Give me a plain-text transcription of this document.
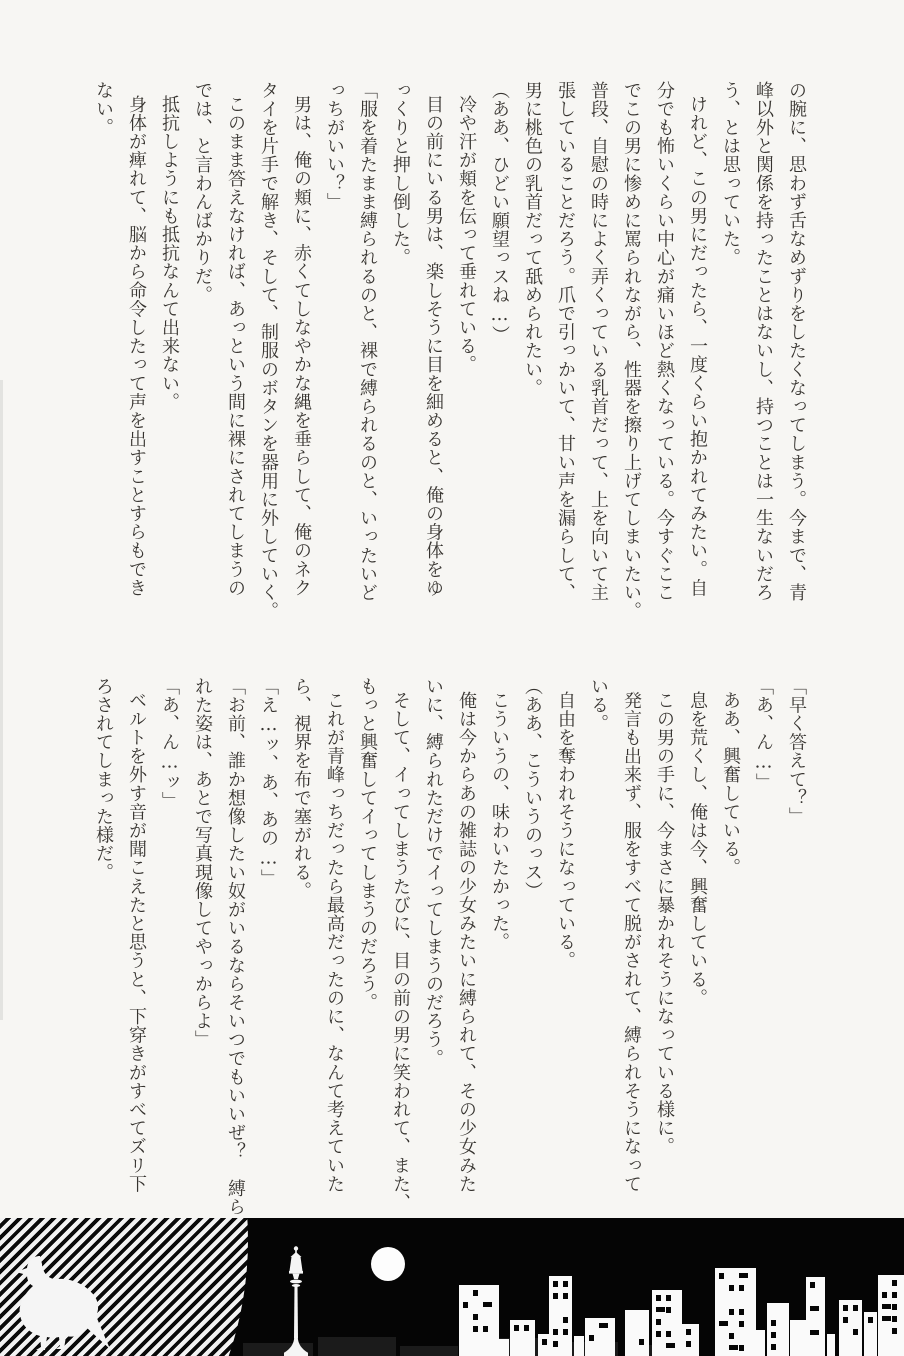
の腕に、思わず舌なめずりをしたくなってしまう。今まで、青
峰以外と関係を持ったことはないし、持つことは一生ないだろ
う、とは思っていた。
けれど、この男にだったら、一度くらい抱かれてみたい。自
分でも怖いくらい中心が痛いほど熱くなっている。今すぐここ
でこの男に惨めに罵られながら、性器を擦り上げてしまいたい。
普段、自慰の時によく弄くっている乳首だって、上を向いて主
張していることだろう。爪で引っかいて、甘い声を漏らして、
男に桃色の乳首だって舐められたい。
（ああ、ひどい願望っスね…）
冷や汗が頬を伝って垂れている。
目の前にいる男は、楽しそうに目を細めると、俺の身体をゆ
っくりと押し倒した。
「服を着たまま縛られるのと、裸で縛られるのと、いったいど
っちがいい？」
男は、俺の頬に、赤くてしなやかな縄を垂らして、俺のネク
タイを片手で解き、そして、制服のボタンを器用に外していく。
このまま答えなければ、あっという間に裸にされてしまうの
では、と言わんばかりだ。
抵抗しようにも抵抗なんて出来ない。
身体が痺れて、脳から命令したって声を出すことすらもでき
ない。
「早く答えて？」
「あ、ん…」
ああ、興奮している。
息を荒くし、俺は今、興奮している。
この男の手に、今まさに暴かれそうになっている様に。
発言も出来ず、服をすべて脱がされて、縛られそうになって
いる。
自由を奪われそうになっている。
（ああ、こういうのっス）
こういうの、味わいたかった。
俺は今からあの雑誌の少女みたいに縛られて、その少女みた
いに、縛られただけでイってしまうのだろう。
そして、イってしまうたびに、目の前の男に笑われて、また、
もっと興奮してイってしまうのだろう。
これが青峰っちだったら最高だったのに、なんて考えていた
ら、視界を布で塞がれる。
「え…ッ、あ、あの…」
「お前、誰か想像したい奴がいるならそいつでもいいぜ？　縛ら
れた姿は、あとで写真現像してやっからよ」
「あ、ん…ッ」
ベルトを外す音が聞こえたと思うと、下穿きがすべてズリ下
ろされてしまった様だ。
